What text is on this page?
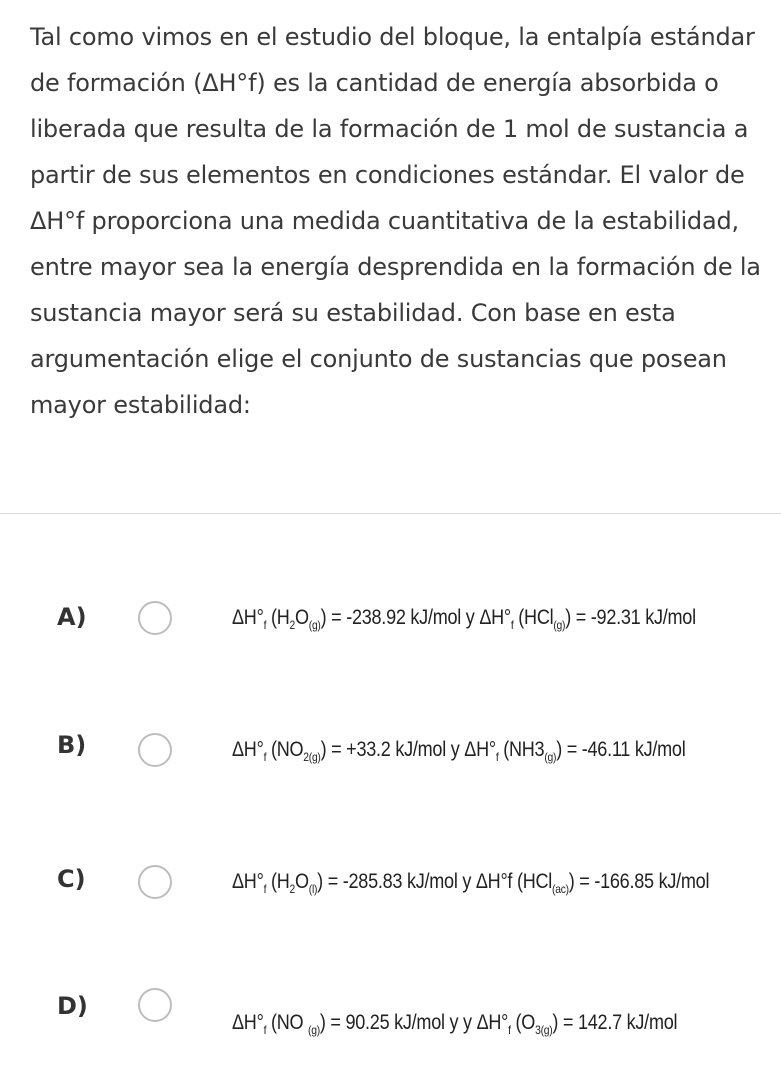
Tal como vimos en el estudio del bloque, la entalpía estándar de formación (ΔH°f) es la cantidad de energía absorbida o liberada que resulta de la formación de 1 mol de sustancia a partir de sus elementos en condiciones estándar. El valor de ΔH°f proporciona una medida cuantitativa de la estabilidad, entre mayor sea la energía desprendida en la formación de la sustancia mayor será su estabilidad. Con base en esta argumentación elige el conjunto de sustancias que posean mayor estabilidad:
A)	$\Delta H^\circ_f$ $(H_2O_{(g)}) = -238.92$ kJ/mol y $\Delta H^\circ_f$ (HCl$_{(g)}$) = -92.31 kJ/mol
B)	$\Delta H^\circ_f$ $(NO_{2(g)}) = +33.2$ kJ/mol y $\Delta H^\circ_f$ $(NH3_{(g)}) = -46.11$ kJ/mol
C)	$\Delta H^\circ_f$ $(H_2O_{(l)}) = -285.83$ kJ/mol y ΔH°f (HCl$_{(ac)}$) = -166.85 kJ/mol
D)
$\Delta H^\circ_f$ (NO $_{(g)}$) = 90.25 kJ/mol y y $\Delta H^\circ_f$ $(O_{3(g)}) = 142.7$ kJ/mol
